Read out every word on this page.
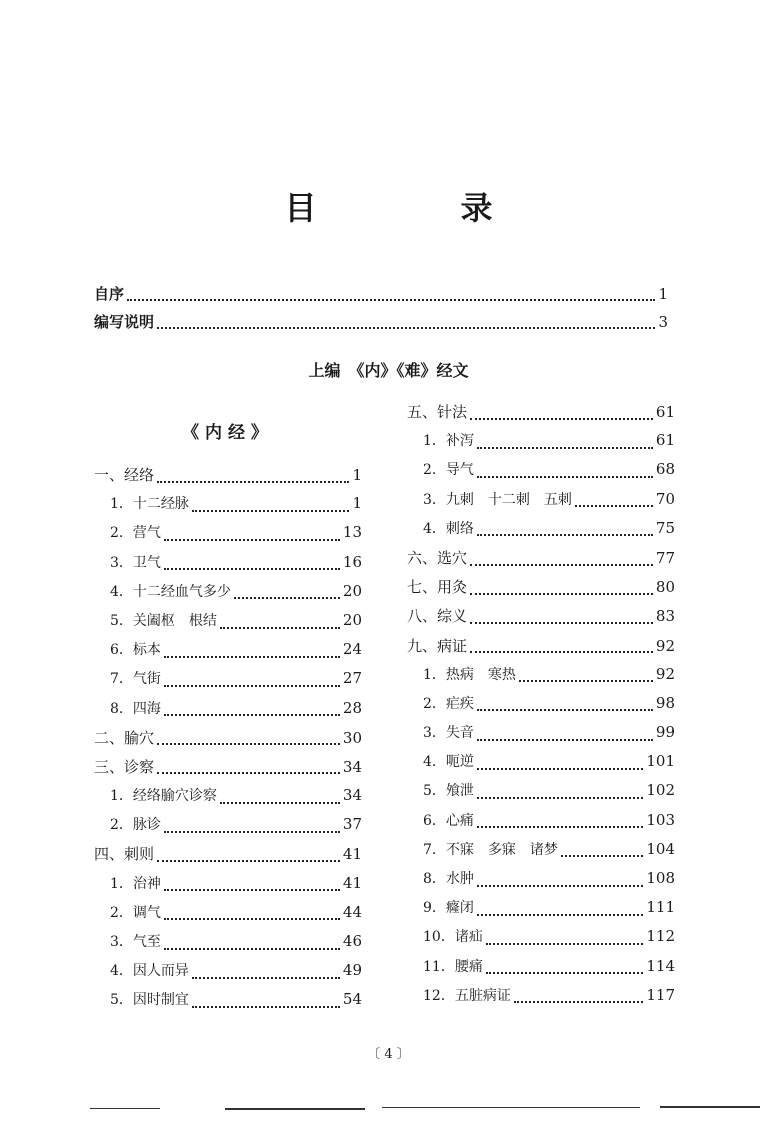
目　录
自序	1
编写说明	3
上编　《内》《难》经文
《 内 经 》
一、经络	1
1．十二经脉	1
2．营气	13
3．卫气	16
4．十二经血气多少	20
5．关阖枢　根结	20
6．标本	24
7．气街	27
8．四海	28
二、腧穴	30
三、诊察	34
1．经络腧穴诊察	34
2．脉诊	37
四、刺则	41
1．治神	41
2．调气	44
3．气至	46
4．因人而异	49
5．因时制宜	54
五、针法	61
1．补泻	61
2．导气	68
3．九刺　十二刺　五刺	70
4．刺络	75
六、选穴	77
七、用灸	80
八、综义	83
九、病证	92
1．热病　寒热	92
2．疟疾	98
3．失音	99
4．呃逆	101
5．飧泄	102
6．心痛	103
7．不寐　多寐　诸梦	104
8．水肿	108
9．癃闭	111
10．诸疝	112
11．腰痛	114
12．五脏病证	117
〔 4 〕
